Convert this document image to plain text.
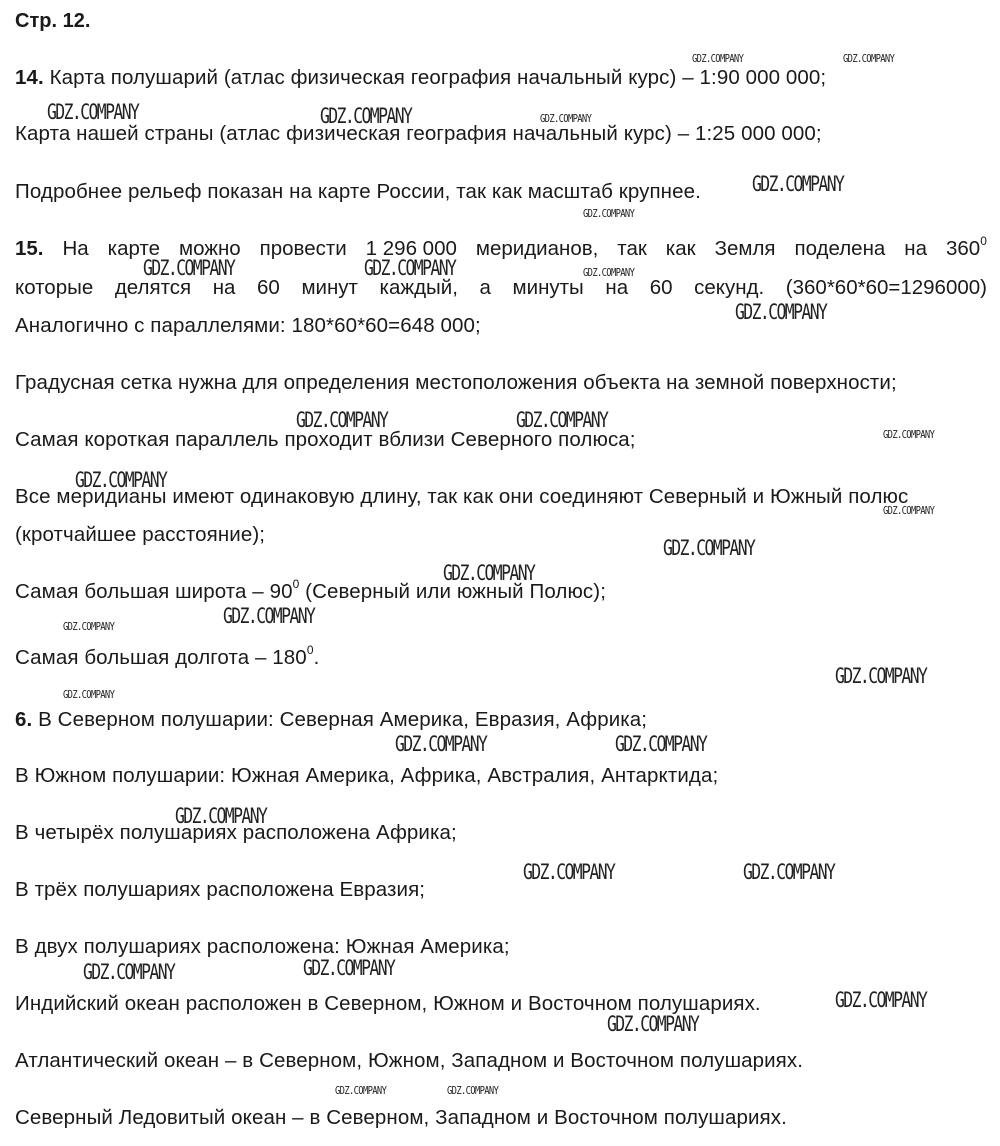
Стр. 12.
14. Карта полушарий (атлас физическая география начальный курс) – 1:90 000 000;
Карта нашей страны (атлас физическая география начальный курс) – 1:25 000 000;
Подробнее рельеф показан на карте России, так как масштаб крупнее.
15. На карте можно провести 1 296 000 меридианов, так как Земля поделена на $360^0$
которые делятся на 60 минут каждый, а минуты на 60 секунд. (360*60*60=1296000)
Аналогично с параллелями: 180*60*60=648 000;
Градусная сетка нужна для определения местоположения объекта на земной поверхности;
Самая короткая параллель проходит вблизи Северного полюса;
Все меридианы имеют одинаковую длину, так как они соединяют Северный и Южный полюс
(кротчайшее расстояние);
Самая большая широта – $90^0$ (Северный или южный Полюс);
Самая большая долгота – $180^0$.
6. В Северном полушарии: Северная Америка, Евразия, Африка;
В Южном полушарии: Южная Америка, Африка, Австралия, Антарктида;
В четырёх полушариях расположена Африка;
В трёх полушариях расположена Евразия;
В двух полушариях расположена: Южная Америка;
Индийский океан расположен в Северном, Южном и Восточном полушариях.
Атлантический океан – в Северном, Южном, Западном и Восточном полушариях.
Северный Ледовитый океан – в Северном, Западном и Восточном полушариях.
GDZ.COMPANY	GDZ.COMPANY
GDZ.COMPANY	GDZ.COMPANY	GDZ.COMPANY
GDZ.COMPANY
GDZ.COMPANY
GDZ.COMPANY	GDZ.COMPANY	GDZ.COMPANY
GDZ.COMPANY
GDZ.COMPANY	GDZ.COMPANY
GDZ.COMPANY
GDZ.COMPANY
GDZ.COMPANY
GDZ.COMPANY
GDZ.COMPANY
GDZ.COMPANY
GDZ.COMPANY
GDZ.COMPANY
GDZ.COMPANY
GDZ.COMPANY	GDZ.COMPANY
GDZ.COMPANY
GDZ.COMPANY	GDZ.COMPANY
GDZ.COMPANY	GDZ.COMPANY
GDZ.COMPANY
GDZ.COMPANY
GDZ.COMPANY	GDZ.COMPANY
